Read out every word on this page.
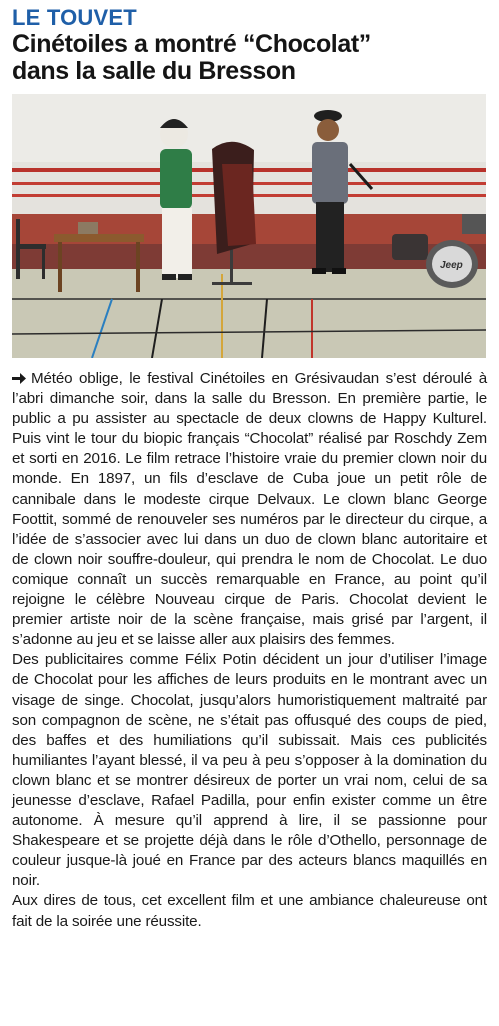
LE TOUVET
Cinétoiles a montré “Chocolat”
dans la salle du Bresson
Jeep

Météo oblige, le festival Cinétoiles en Grésivaudan s’est déroulé à l’abri dimanche soir, dans la salle du Bresson. En première partie, le public a pu assister au spectacle de deux clowns de Happy Kulturel. Puis vint le tour du biopic français “Chocolat” réalisé par Roschdy Zem et sorti en 2016. Le film retrace l’histoire vraie du premier clown noir du monde. En 1897, un fils d’esclave de Cuba joue un petit rôle de cannibale dans le modeste cirque Delvaux. Le clown blanc George Foottit, sommé de renouveler ses numéros par le directeur du cirque, a l’idée de s’associer avec lui dans un duo de clown blanc autoritaire et de clown noir souffre-douleur, qui prendra le nom de Chocolat. Le duo comique connaît un succès remarquable en France, au point qu’il rejoigne le célèbre Nouveau cirque de Paris. Chocolat devient le premier artiste noir de la scène française, mais grisé par l’argent, il s’adonne au jeu et se laisse aller aux plaisirs des femmes.

Des publicitaires comme Félix Potin décident un jour d’utiliser l’image de Chocolat pour les affiches de leurs produits en le montrant avec un visage de singe. Chocolat, jusqu’alors humoristiquement maltraité par son compagnon de scène, ne s’était pas offusqué des coups de pied, des baffes et des humiliations qu’il subissait. Mais ces publicités humiliantes l’ayant blessé, il va peu à peu s’opposer à la domination du clown blanc et se montrer désireux de porter un vrai nom, celui de sa jeunesse d’esclave, Rafael Padilla, pour enfin exister comme un être autonome. À mesure qu’il apprend à lire, il se passionne pour Shakespeare et se projette déjà dans le rôle d’Othello, personnage de couleur jusque-là joué en France par des acteurs blancs maquillés en noir.

Aux dires de tous, cet excellent film et une ambiance chaleureuse ont fait de la soirée une réussite.
